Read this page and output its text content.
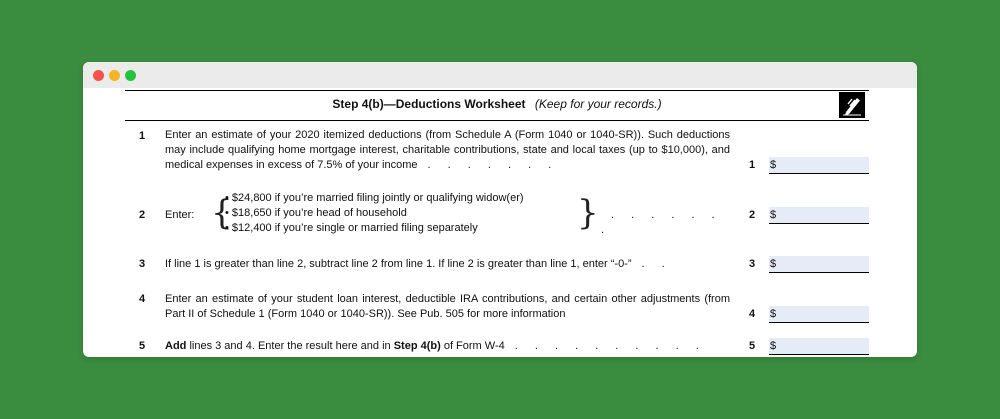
Step 4(b)—Deductions Worksheet (Keep for your records.)
1 Enter an estimate of your 2020 itemized deductions (from Schedule A (Form 1040 or 1040-SR)). Such deductions may include qualifying home mortgage interest, charitable contributions, state and local taxes (up to $10,000), and medical expenses in excess of 7.5% of your income . . . . . . .	1 $
2 Enter: {
• $24,800 if you’re married filing jointly or qualifying widow(er)
• $18,650 if you’re head of household
• $12,400 if you’re single or married filing separately	}	. . . . . . .
2 $
3 If line 1 is greater than line 2, subtract line 2 from line 1. If line 2 is greater than line 1, enter “-0-” . .	3 $
4 Enter an estimate of your student loan interest, deductible IRA contributions, and certain other adjustments (from Part II of Schedule 1 (Form 1040 or 1040-SR)). See Pub. 505 for more information	4 $
5 Add lines 3 and 4. Enter the result here and in Step 4(b) of Form W-4 . . . . . . . . . .	5 $
